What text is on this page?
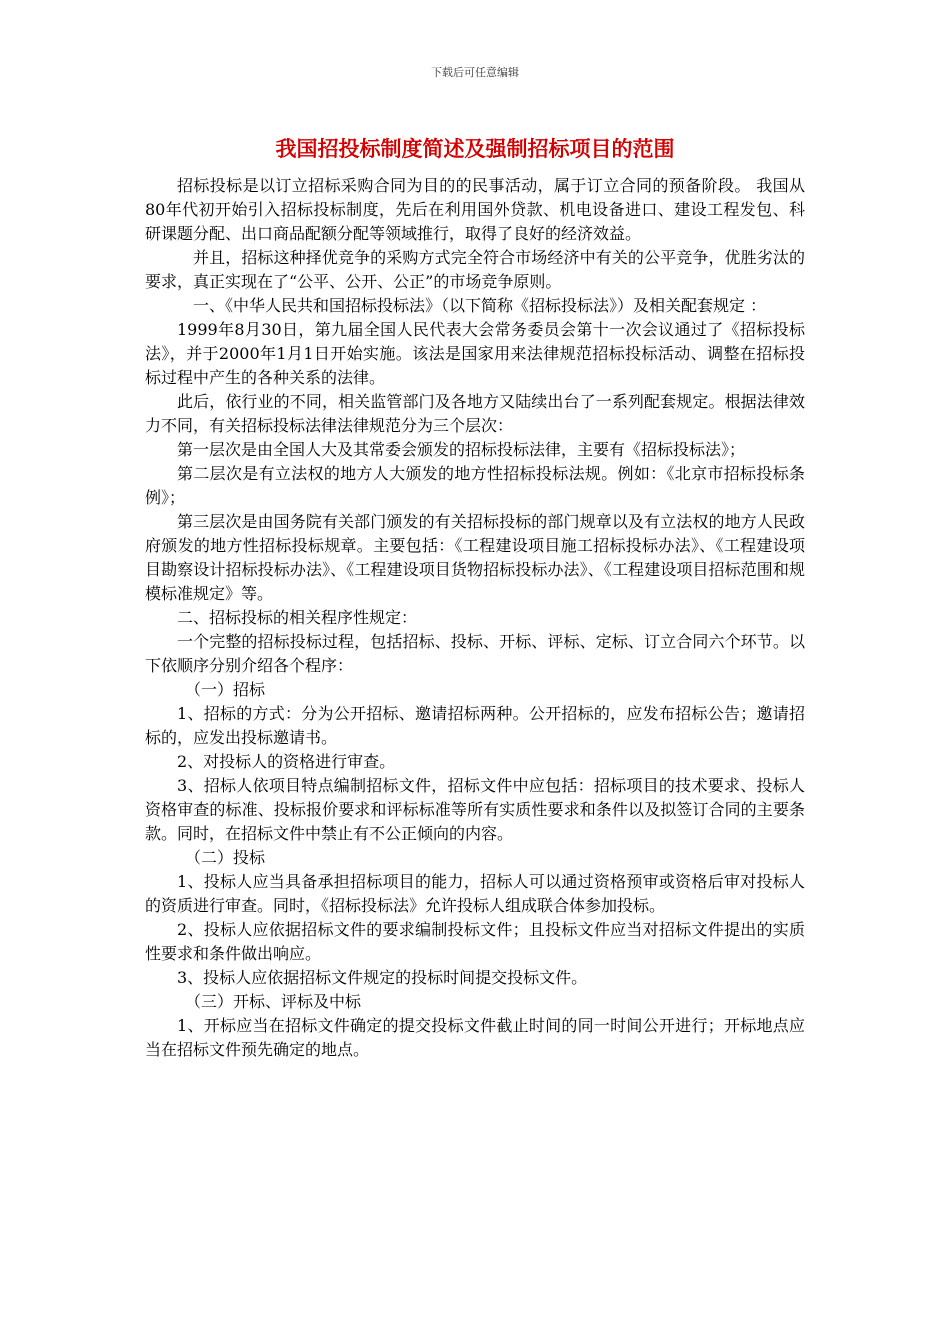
下载后可任意编辑
我国招投标制度简述及强制招标项目的范围

招标投标是以订立招标采购合同为目的的民事活动，属于订立合同的预备阶段。 我国从80年代初开始引入招标投标制度，先后在利用国外贷款、机电设备进口、建设工程发包、科研课题分配、出口商品配额分配等领域推行，取得了良好的经济效益。

并且，招标这种择优竞争的采购方式完全符合市场经济中有关的公平竞争，优胜劣汰的要求，真正实现在了“公平、公开、公正”的市场竞争原则。

一、《中华人民共和国招标投标法》（以下简称《招标投标法》）及相关配套规定 ：

1999年8月30日，第九届全国人民代表大会常务委员会第十一次会议通过了《招标投标法》，并于2000年1月1日开始实施。该法是国家用来法律规范招标投标活动、调整在招标投标过程中产生的各种关系的法律。

此后，依行业的不同，相关监管部门及各地方又陆续出台了一系列配套规定。根据法律效力不同，有关招标投标法律法律规范分为三个层次：

第一层次是由全国人大及其常委会颁发的招标投标法律，主要有《招标投标法》；

第二层次是有立法权的地方人大颁发的地方性招标投标法规。例如：《北京市招标投标条例》；

第三层次是由国务院有关部门颁发的有关招标投标的部门规章以及有立法权的地方人民政府颁发的地方性招标投标规章。主要包括：《工程建设项目施工招标投标办法》、《工程建设项目勘察设计招标投标办法》、《工程建设项目货物招标投标办法》、《工程建设项目招标范围和规模标准规定》等。

二、招标投标的相关程序性规定：

一个完整的招标投标过程，包括招标、投标、开标、评标、定标、订立合同六个环节。以下依顺序分别介绍各个程序：

（一）招标

1、招标的方式：分为公开招标、邀请招标两种。公开招标的，应发布招标公告；邀请招标的，应发出投标邀请书。

2、对投标人的资格进行审查。

3、招标人依项目特点编制招标文件，招标文件中应包括：招标项目的技术要求、投标人资格审查的标准、投标报价要求和评标标准等所有实质性要求和条件以及拟签订合同的主要条款。同时，在招标文件中禁止有不公正倾向的内容。

（二）投标

1、投标人应当具备承担招标项目的能力，招标人可以通过资格预审或资格后审对投标人的资质进行审查。同时，《招标投标法》允许投标人组成联合体参加投标。

2、投标人应依据招标文件的要求编制投标文件；且投标文件应当对招标文件提出的实质性要求和条件做出响应。

3、投标人应依据招标文件规定的投标时间提交投标文件。

（三）开标、评标及中标

1、开标应当在招标文件确定的提交投标文件截止时间的同一时间公开进行；开标地点应当在招标文件预先确定的地点。
